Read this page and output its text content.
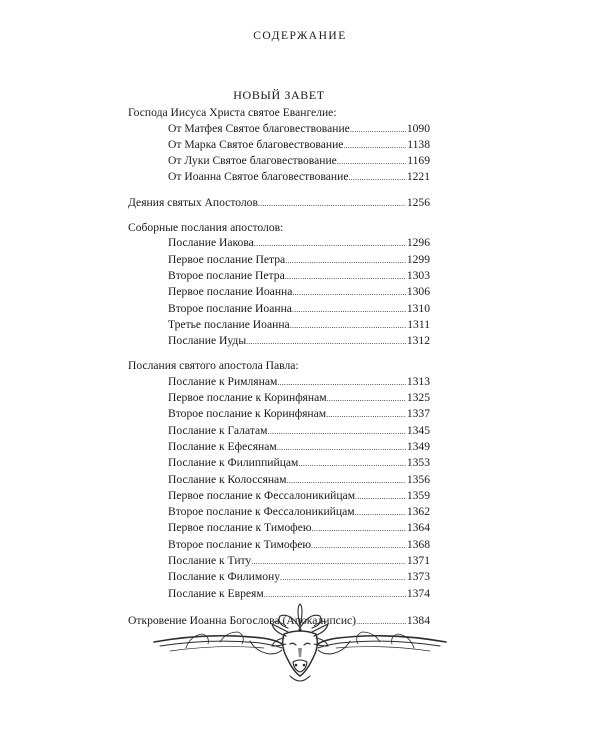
СОДЕРЖАНИЕ
НОВЫЙ ЗАВЕТ
Господа Иисуса Христа святое Евангелие:
От Матфея Святое благовествование .....	1090
От Марка Святое благовествование .....	1138
От Луки Святое благовествование .....	1169
От Иоанна Святое благовествование .....	1221
Деяния святых Апостолов .....	1256
Соборные послания апостолов:
Послание Иакова .....	1296
Первое послание Петра .....	1299
Второе послание Петра .....	1303
Первое послание Иоанна .....	1306
Второе послание Иоанна .....	1310
Третье послание Иоанна .....	1311
Послание Иуды .....	1312
Послания святого апостола Павла:
Послание к Римлянам .....	1313
Первое послание к Коринфянам .....	1325
Второе послание к Коринфянам .....	1337
Послание к Галатам .....	1345
Послание к Ефесянам .....	1349
Послание к Филиппийцам .....	1353
Послание к Колоссянам .....	1356
Первое послание к Фессалоникийцам .....	1359
Второе послание к Фессалоникийцам .....	1362
Первое послание к Тимофею .....	1364
Второе послание к Тимофею .....	1368
Послание к Титу .....	1371
Послание к Филимону .....	1373
Послание к Евреям .....	1374
Откровение Иоанна Богослова (Апокалипсис) .....	1384
